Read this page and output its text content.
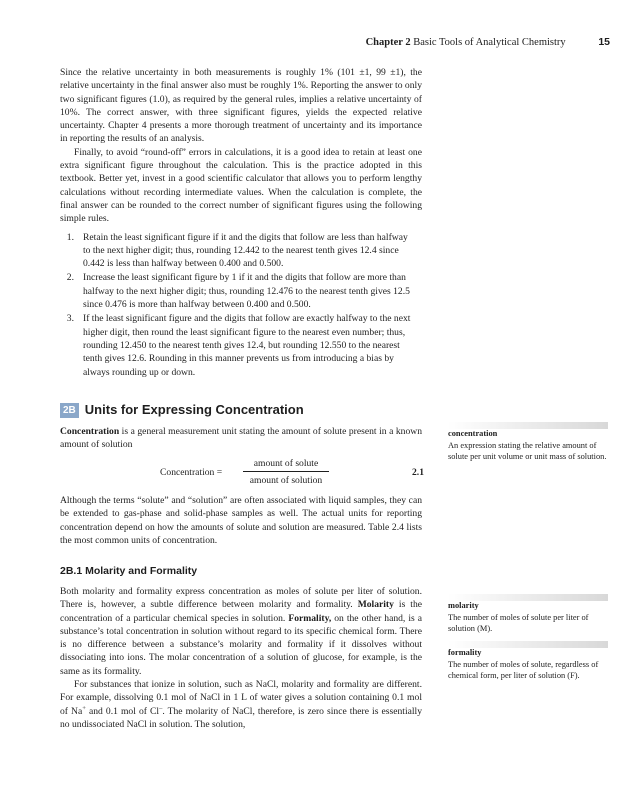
Chapter 2 Basic Tools of Analytical Chemistry	15

Since the relative uncertainty in both measurements is roughly 1% (101 ±1, 99 ±1), the relative uncertainty in the final answer also must be roughly 1%. Reporting the answer to only two significant figures (1.0), as required by the general rules, implies a relative uncertainty of 10%. The correct answer, with three significant figures, yields the expected relative uncertainty. Chapter 4 presents a more thorough treatment of uncertainty and its importance in reporting the results of an analysis.

Finally, to avoid “round-off” errors in calculations, it is a good idea to retain at least one extra significant figure throughout the calculation. This is the practice adopted in this textbook. Better yet, invest in a good scientific calculator that allows you to perform lengthy calculations without recording intermediate values. When the calculation is complete, the final answer can be rounded to the correct number of significant figures using the following simple rules.

1. Retain the least significant figure if it and the digits that follow are less than halfway to the next higher digit; thus, rounding 12.442 to the nearest tenth gives 12.4 since 0.442 is less than halfway between 0.400 and 0.500.
2. Increase the least significant figure by 1 if it and the digits that follow are more than halfway to the next higher digit; thus, rounding 12.476 to the nearest tenth gives 12.5 since 0.476 is more than halfway between 0.400 and 0.500.
3. If the least significant figure and the digits that follow are exactly halfway to the next higher digit, then round the least significant figure to the nearest even number; thus, rounding 12.450 to the nearest tenth gives 12.4, but rounding 12.550 to the nearest tenth gives 12.6. Rounding in this manner prevents us from introducing a bias by always rounding up or down.
2B Units for Expressing Concentration

Concentration is a general measurement unit stating the amount of solute present in a known amount of solution

Concentration =
amount of solute
amount of solution
2.1

Although the terms “solute” and “solution” are often associated with liquid samples, they can be extended to gas-phase and solid-phase samples as well. The actual units for reporting concentration depend on how the amounts of solute and solution are measured. Table 2.4 lists the most common units of concentration.

2B.1 Molarity and Formality

Both molarity and formality express concentration as moles of solute per liter of solution. There is, however, a subtle difference between molarity and formality. Molarity is the concentration of a particular chemical species in solution. Formality, on the other hand, is a substance’s total concentration in solution without regard to its specific chemical form. There is no difference between a substance’s molarity and formality if it dissolves without dissociating into ions. The molar concentration of a solution of glucose, for example, is the same as its formality.

For substances that ionize in solution, such as NaCl, molarity and formality are different. For example, dissolving 0.1 mol of NaCl in 1 L of water gives a solution containing 0.1 mol of Na+ and 0.1 mol of Cl–. The molarity of NaCl, therefore, is zero since there is essentially no undissociated NaCl in solution. The solution,

concentration
An expression stating the relative amount of solute per unit volume or unit mass of solution.
molarity
The number of moles of solute per liter of solution (M).
formality
The number of moles of solute, regardless of chemical form, per liter of solution (F).
